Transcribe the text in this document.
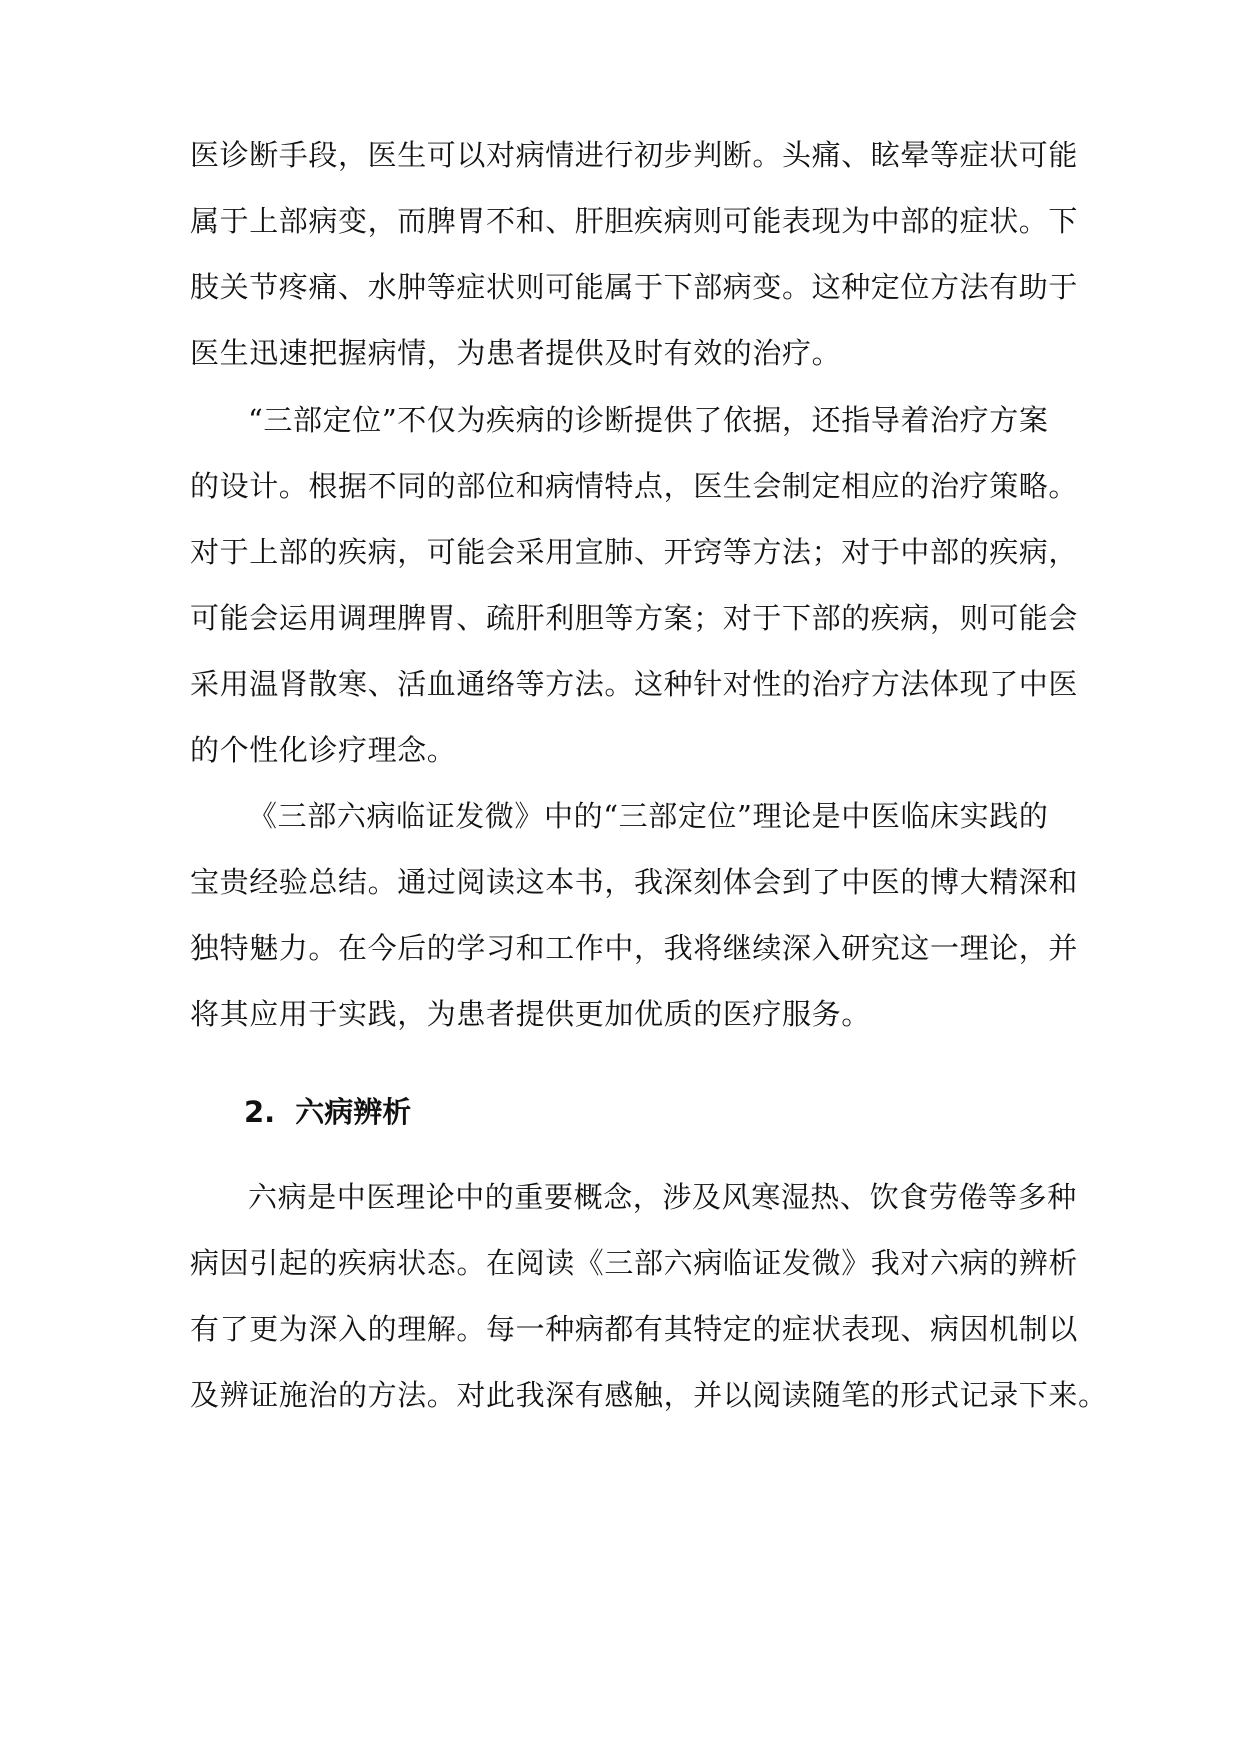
医诊断手段，医生可以对病情进行初步判断。头痛、眩晕等症状可能
属于上部病变，而脾胃不和、肝胆疾病则可能表现为中部的症状。下
肢关节疼痛、水肿等症状则可能属于下部病变。这种定位方法有助于
医生迅速把握病情，为患者提供及时有效的治疗。
“三部定位”不仅为疾病的诊断提供了依据，还指导着治疗方案
的设计。根据不同的部位和病情特点，医生会制定相应的治疗策略。
对于上部的疾病，可能会采用宣肺、开窍等方法；对于中部的疾病，
可能会运用调理脾胃、疏肝利胆等方案；对于下部的疾病，则可能会
采用温肾散寒、活血通络等方法。这种针对性的治疗方法体现了中医
的个性化诊疗理念。
《三部六病临证发微》中的“三部定位”理论是中医临床实践的
宝贵经验总结。通过阅读这本书，我深刻体会到了中医的博大精深和
独特魅力。在今后的学习和工作中，我将继续深入研究这一理论，并
将其应用于实践，为患者提供更加优质的医疗服务。
2. 六病辨析
六病是中医理论中的重要概念，涉及风寒湿热、饮食劳倦等多种
病因引起的疾病状态。在阅读《三部六病临证发微》我对六病的辨析
有了更为深入的理解。每一种病都有其特定的症状表现、病因机制以
及辨证施治的方法。对此我深有感触，并以阅读随笔的形式记录下来。
